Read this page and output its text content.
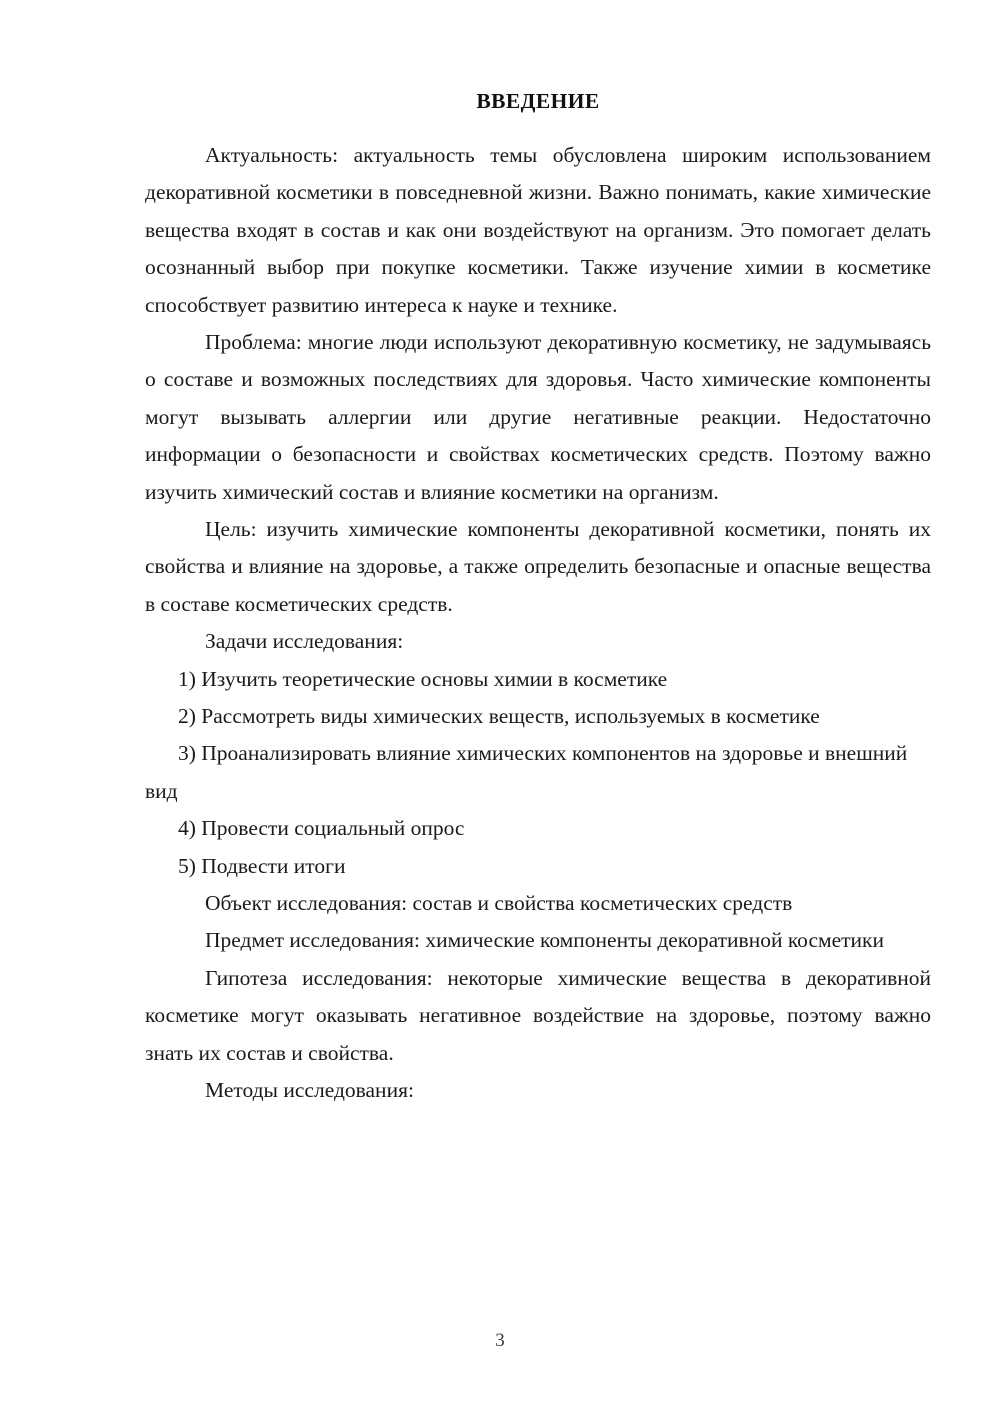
ВВЕДЕНИЕ

Актуальность: актуальность темы обусловлена широким использованием декоративной косметики в повседневной жизни. Важно понимать, какие химические вещества входят в состав и как они воздействуют на организм. Это помогает делать осознанный выбор при покупке косметики. Также изучение химии в косметике способствует развитию интереса к науке и технике.

Проблема: многие люди используют декоративную косметику, не задумываясь о составе и возможных последствиях для здоровья. Часто химические компоненты могут вызывать аллергии или другие негативные реакции. Недостаточно информации о безопасности и свойствах косметических средств. Поэтому важно изучить химический состав и влияние косметики на организм.

Цель: изучить химические компоненты декоративной косметики, понять их свойства и влияние на здоровье, а также определить безопасные и опасные вещества в составе косметических средств.

Задачи исследования:

1) Изучить теоретические основы химии в косметике

2) Рассмотреть виды химических веществ, используемых в косметике

3) Проанализировать влияние химических компонентов на здоровье и внешний вид

4) Провести социальный опрос

5) Подвести итоги

Объект исследования: состав и свойства косметических средств

Предмет исследования: химические компоненты декоративной косметики

Гипотеза исследования: некоторые химические вещества в декоративной косметике могут оказывать негативное воздействие на здоровье, поэтому важно знать их состав и свойства.

Методы исследования:

3
